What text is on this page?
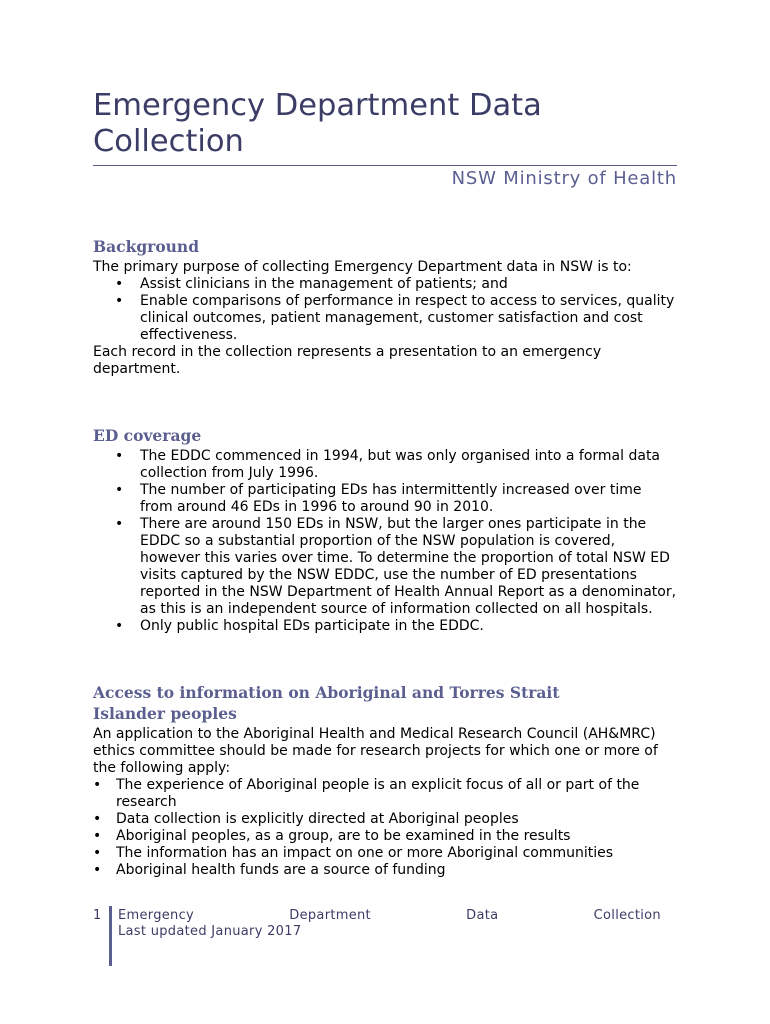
Emergency Department Data Collection
NSW Ministry of Health
Background

The primary purpose of collecting Emergency Department data in NSW is to:

• Assist clinicians in the management of patients; and
• Enable comparisons of performance in respect to access to services, quality clinical outcomes, patient management, customer satisfaction and cost effectiveness.

Each record in the collection represents a presentation to an emergency department.

ED coverage
• The EDDC commenced in 1994, but was only organised into a formal data collection from July 1996.
• The number of participating EDs has intermittently increased over time from around 46 EDs in 1996 to around 90 in 2010.
• There are around 150 EDs in NSW, but the larger ones participate in the EDDC so a substantial proportion of the NSW population is covered, however this varies over time. To determine the proportion of total NSW ED visits captured by the NSW EDDC, use the number of ED presentations reported in the NSW Department of Health Annual Report as a denominator, as this is an independent source of information collected on all hospitals.
• Only public hospital EDs participate in the EDDC.
Access to information on Aboriginal and Torres Strait Islander peoples

An application to the Aboriginal Health and Medical Research Council (AH&MRC) ethics committee should be made for research projects for which one or more of the following apply:

• The experience of Aboriginal people is an explicit focus of all or part of the research
• Data collection is explicitly directed at Aboriginal peoples
• Aboriginal peoples, as a group, are to be examined in the results
• The information has an impact on one or more Aboriginal communities
• Aboriginal health funds are a source of funding
1 Emergency	Department	Data	Collection
Last updated January 2017
